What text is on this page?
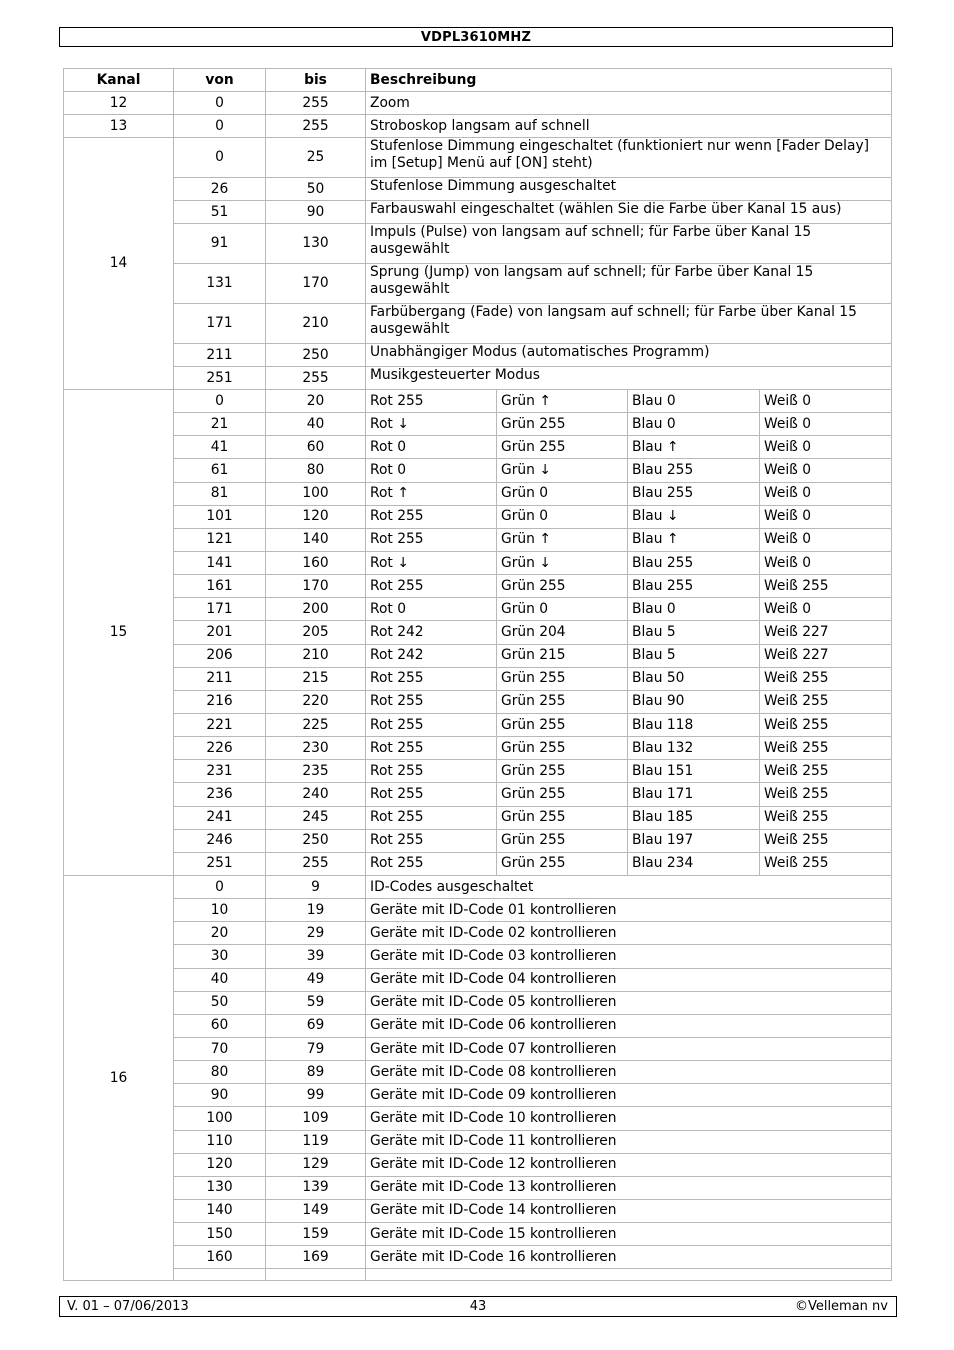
VDPL3610MHZ
Kanal	von	bis	Beschreibung			
12	0	255	Zoom			
13	0	255	Stroboskop langsam auf schnell			
14	0	25	Stufenlose Dimmung eingeschaltet (funktioniert nur wenn [Fader Delay] im [Setup] Menü auf [ON] steht)			
	26	50	Stufenlose Dimmung ausgeschaltet			
	51	90	Farbauswahl eingeschaltet (wählen Sie die Farbe über Kanal 15 aus)			
	91	130	Impuls (Pulse) von langsam auf schnell; für Farbe über Kanal 15 ausgewählt			
	131	170	Sprung (Jump) von langsam auf schnell; für Farbe über Kanal 15 ausgewählt			
	171	210	Farbübergang (Fade) von langsam auf schnell; für Farbe über Kanal 15 ausgewählt			
	211	250	Unabhängiger Modus (automatisches Programm)			
	251	255	Musikgesteuerter Modus			
15	0	20	Rot 255	Grün ↑	Blau 0	Weiß 0
	21	40	Rot ↓	Grün 255	Blau 0	Weiß 0
	41	60	Rot 0	Grün 255	Blau ↑	Weiß 0
	61	80	Rot 0	Grün ↓	Blau 255	Weiß 0
	81	100	Rot ↑	Grün 0	Blau 255	Weiß 0
	101	120	Rot 255	Grün 0	Blau ↓	Weiß 0
	121	140	Rot 255	Grün ↑	Blau ↑	Weiß 0
	141	160	Rot ↓	Grün ↓	Blau 255	Weiß 0
	161	170	Rot 255	Grün 255	Blau 255	Weiß 255
	171	200	Rot 0	Grün 0	Blau 0	Weiß 0
	201	205	Rot 242	Grün 204	Blau 5	Weiß 227
	206	210	Rot 242	Grün 215	Blau 5	Weiß 227
	211	215	Rot 255	Grün 255	Blau 50	Weiß 255
	216	220	Rot 255	Grün 255	Blau 90	Weiß 255
	221	225	Rot 255	Grün 255	Blau 118	Weiß 255
	226	230	Rot 255	Grün 255	Blau 132	Weiß 255
	231	235	Rot 255	Grün 255	Blau 151	Weiß 255
	236	240	Rot 255	Grün 255	Blau 171	Weiß 255
	241	245	Rot 255	Grün 255	Blau 185	Weiß 255
	246	250	Rot 255	Grün 255	Blau 197	Weiß 255
	251	255	Rot 255	Grün 255	Blau 234	Weiß 255
16	0	9	ID-Codes ausgeschaltet			
	10	19	Geräte mit ID-Code 01 kontrollieren			
	20	29	Geräte mit ID-Code 02 kontrollieren			
	30	39	Geräte mit ID-Code 03 kontrollieren			
	40	49	Geräte mit ID-Code 04 kontrollieren			
	50	59	Geräte mit ID-Code 05 kontrollieren			
	60	69	Geräte mit ID-Code 06 kontrollieren			
	70	79	Geräte mit ID-Code 07 kontrollieren			
	80	89	Geräte mit ID-Code 08 kontrollieren			
	90	99	Geräte mit ID-Code 09 kontrollieren			
	100	109	Geräte mit ID-Code 10 kontrollieren			
	110	119	Geräte mit ID-Code 11 kontrollieren			
	120	129	Geräte mit ID-Code 12 kontrollieren			
	130	139	Geräte mit ID-Code 13 kontrollieren			
	140	149	Geräte mit ID-Code 14 kontrollieren			
	150	159	Geräte mit ID-Code 15 kontrollieren			
	160	169	Geräte mit ID-Code 16 kontrollieren			

V. 01 – 07/06/2013	43	©Velleman nv
